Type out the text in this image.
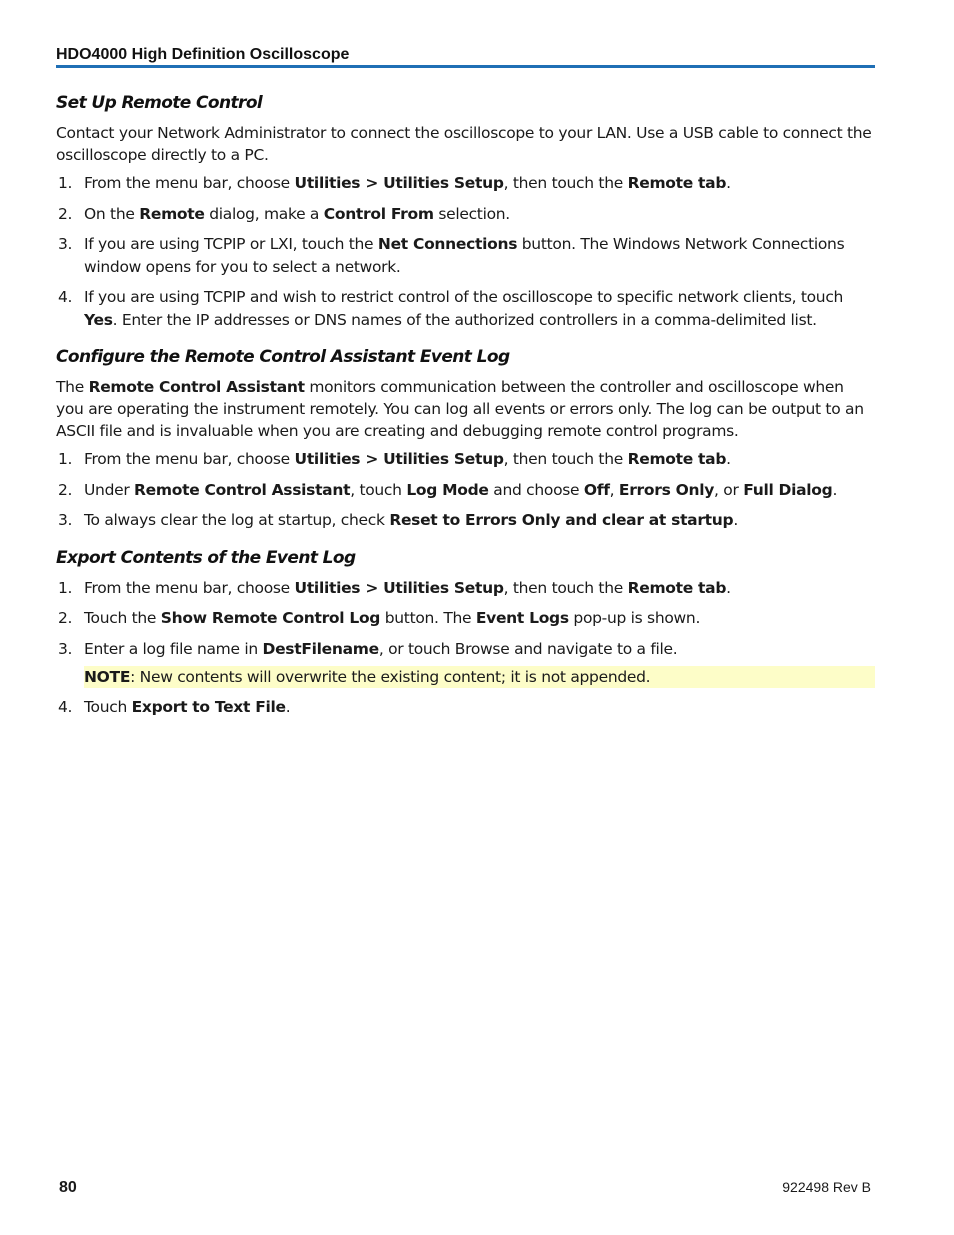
HDO4000 High Definition Oscilloscope
Set Up Remote Control

Contact your Network Administrator to connect the oscilloscope to your LAN. Use a USB cable to connect the oscilloscope directly to a PC.

1. From the menu bar, choose Utilities > Utilities Setup, then touch the Remote tab.
2. On the Remote dialog, make a Control From selection.
3. If you are using TCPIP or LXI, touch the Net Connections button. The Windows Network Connections window opens for you to select a network.
4. If you are using TCPIP and wish to restrict control of the oscilloscope to specific network clients, touch Yes. Enter the IP addresses or DNS names of the authorized controllers in a comma-delimited list.
Configure the Remote Control Assistant Event Log

The Remote Control Assistant monitors communication between the controller and oscilloscope when you are operating the instrument remotely. You can log all events or errors only. The log can be output to an ASCII file and is invaluable when you are creating and debugging remote control programs.

1. From the menu bar, choose Utilities > Utilities Setup, then touch the Remote tab.
2. Under Remote Control Assistant, touch Log Mode and choose Off, Errors Only, or Full Dialog.
3. To always clear the log at startup, check Reset to Errors Only and clear at startup.
Export Contents of the Event Log
1. From the menu bar, choose Utilities > Utilities Setup, then touch the Remote tab.
2. Touch the Show Remote Control Log button. The Event Logs pop-up is shown.
3. Enter a log file name in DestFilename, or touch Browse and navigate to a file.
NOTE: New contents will overwrite the existing content; it is not appended.
4. Touch Export to Text File.
80	922498 Rev B
